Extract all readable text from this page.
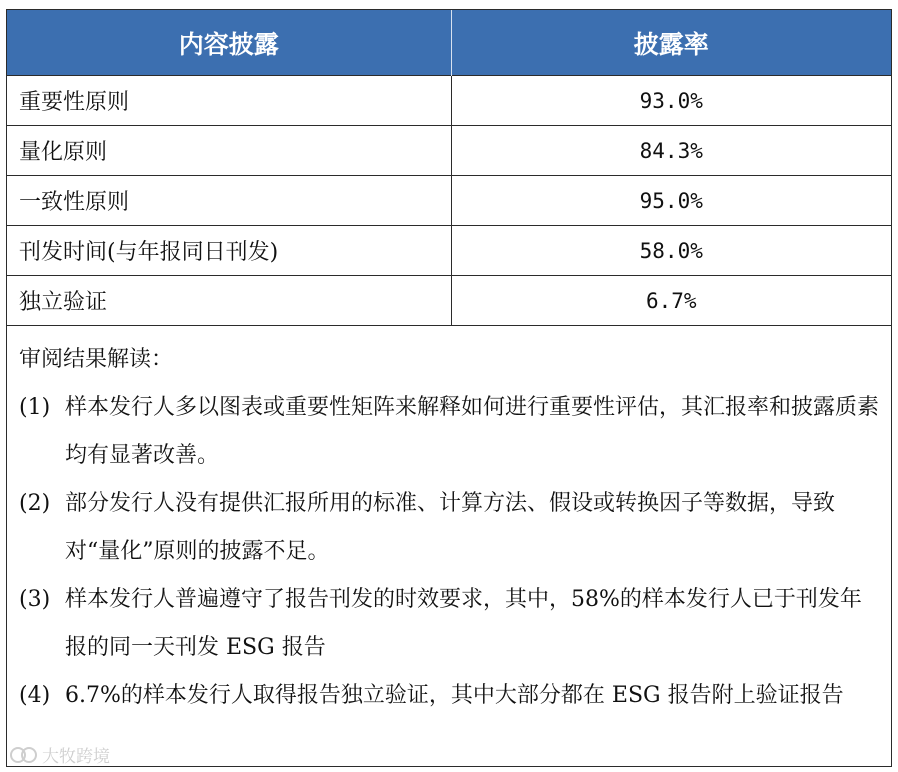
内容披露	披露率
重要性原则	93.0%
量化原则	84.3%
一致性原则	95.0%
刊发时间(与年报同日刊发)	58.0%
独立验证	6.7%
审阅结果解读：
(1) 样本发行人多以图表或重要性矩阵来解释如何进行重要性评估，其汇报率和披露质素均有显著改善。
(2) 部分发行人没有提供汇报所用的标准、计算方法、假设或转换因子等数据，导致对“量化”原则的披露不足。
(3) 样本发行人普遍遵守了报告刊发的时效要求，其中，58%的样本发行人已于刊发年报的同一天刊发 ESG 报告
(4) 6.7%的样本发行人取得报告独立验证，其中大部分都在 ESG 报告附上验证报告
大牧跨境
